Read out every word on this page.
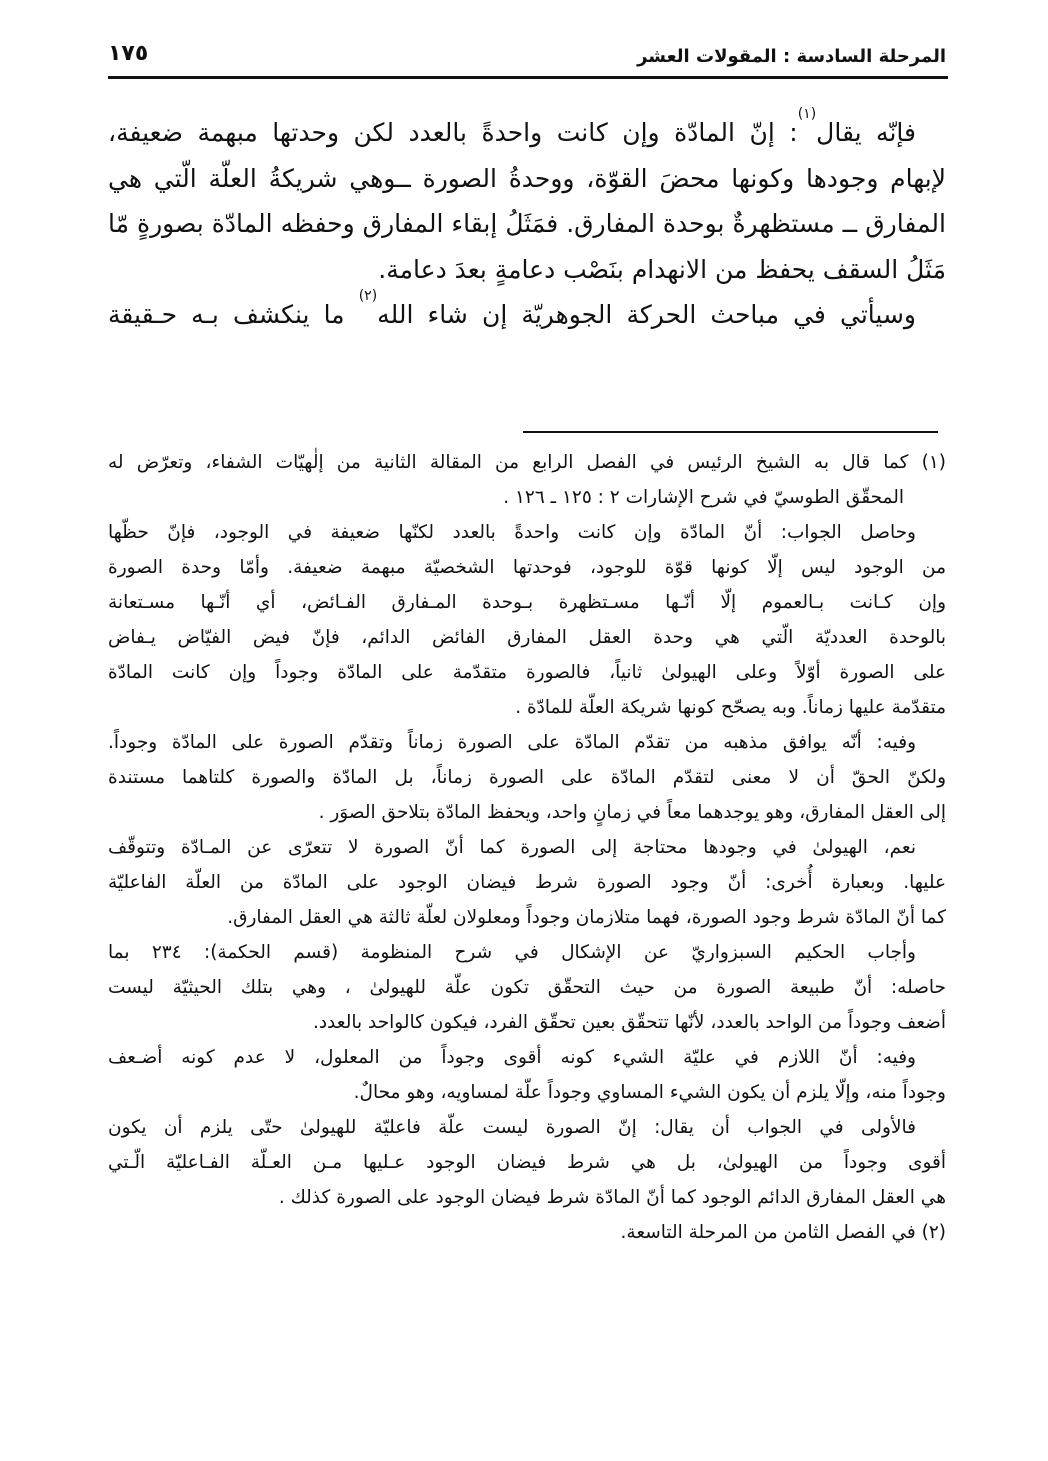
المرحلة السادسة : المقولات العشر
١٧٥
فإنّه يقال$^{(١)}$: إنّ المادّة وإن كانت واحدةً بالعدد لكن وحدتها مبهمة ضعيفة،
لإبهام وجودها وكونها محضَ القوّة، ووحدةُ الصورة ــوهي شريكةُ العلّة الّتي هي
المفارق ــ مستظهرةٌ بوحدة المفارق. فمَثَلُ إبقاء المفارق وحفظه المادّة بصورةٍ مّا
مَثَلُ السقف يحفظ من الانهدام بنَصْب دعامةٍ بعدَ دعامة.
وسيأتي في مباحث الحركة الجوهريّة إن شاء الله$^{(٢)}$ ما ينكشف بـه حـقيقة
(١) كما قال به الشيخ الرئيس في الفصل الرابع من المقالة الثانية من إلٰهيّات الشفاء، وتعرّض له
المحقّق الطوسيّ في شرح الإشارات ٢ : ١٢٥ ـ ١٢٦ .
وحاصل الجواب: أنّ المادّة وإن كانت واحدةً بالعدد لكنّها ضعيفة في الوجود، فإنّ حظّها
من الوجود ليس إلّا كونها قوّة للوجود، فوحدتها الشخصيّة مبهمة ضعيفة. وأمّا وحدة الصورة
وإن كـانت بـالعموم إلّا أنّـها مسـتظهرة بـوحدة المـفارق الفـائض، أي أنّـها مسـتعانة
بالوحدة العدديّة الّتي هي وحدة العقل المفارق الفائض الدائم، فإنّ فيض الفيّاض يـفاض
على الصورة أوّلاً وعلى الهيولىٰ ثانياً، فالصورة متقدّمة على المادّة وجوداً وإن كانت المادّة
متقدّمة عليها زماناً. وبه يصحّح كونها شريكة العلّة للمادّة .
وفيه: أنّه يوافق مذهبه من تقدّم المادّة على الصورة زماناً وتقدّم الصورة على المادّة وجوداً.
ولكنّ الحقّ أن لا معنى لتقدّم المادّة على الصورة زماناً، بل المادّة والصورة كلتاهما مستندة
إلى العقل المفارق، وهو يوجدهما معاً في زمانٍ واحد، ويحفظ المادّة بتلاحق الصوَر .
نعم، الهيولىٰ في وجودها محتاجة إلى الصورة كما أنّ الصورة لا تتعرّى عن المـادّة وتتوقّف
عليها. وبعبارة أُخرى: أنّ وجود الصورة شرط فيضان الوجود على المادّة من العلّة الفاعليّة
كما أنّ المادّة شرط وجود الصورة، فهما متلازمان وجوداً ومعلولان لعلّة ثالثة هي العقل المفارق.
وأجاب الحكيم السبزواريّ عن الإشكال في شرح المنظومة (قسم الحكمة): ٢٣٤ بما
حاصله: أنّ طبيعة الصورة من حيث التحقّق تكون علّة للهيولىٰ ، وهي بتلك الحيثيّة ليست
أضعف وجوداً من الواحد بالعدد، لأنّها تتحقّق بعين تحقّق الفرد، فيكون كالواحد بالعدد.
وفيه: أنّ اللازم في عليّة الشيء كونه أقوى وجوداً من المعلول، لا عدم كونه أضـعف
وجوداً منه، وإلّا يلزم أن يكون الشيء المساوي وجوداً علّة لمساويه، وهو محالٌ.
فالأولى في الجواب أن يقال: إنّ الصورة ليست علّة فاعليّة للهيولىٰ حتّى يلزم أن يكون
أقوى وجوداً من الهيولىٰ، بل هي شرط فيضان الوجود عـليها مـن العـلّة الفـاعليّة الّـتي
هي العقل المفارق الدائم الوجود كما أنّ المادّة شرط فيضان الوجود على الصورة كذلك .
(٢) في الفصل الثامن من المرحلة التاسعة.
